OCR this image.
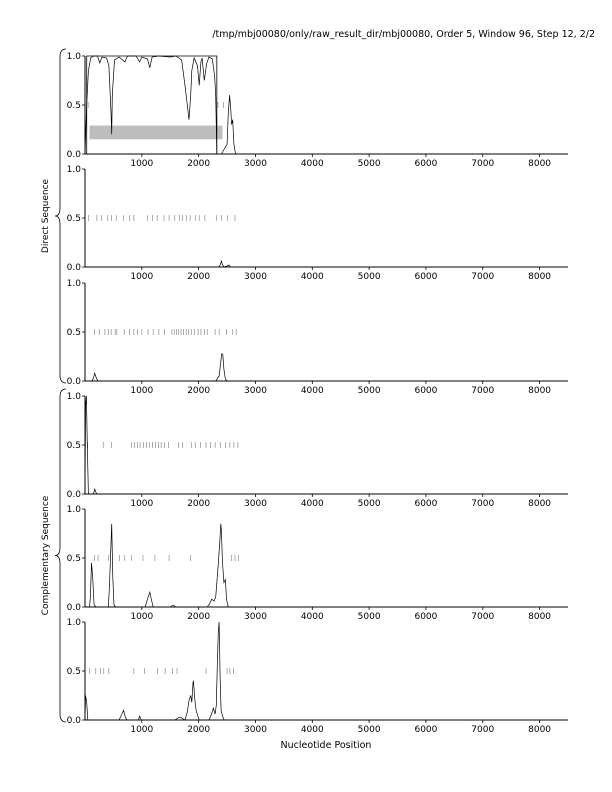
/tmp/mbj00080/only/raw_result_dir/mbj00080, Order 5, Window 96, Step 12, 2/2
0.0
0.5
1.0
1000	2000	3000	4000	5000	6000	7000	8000
0.0
0.5
1.0
1000	2000	3000	4000	5000	6000	7000	8000
0.0
0.5
1.0
1000	2000	3000	4000	5000	6000	7000	8000
0.0
0.5
1.0
1000	2000	3000	4000	5000	6000	7000	8000
0.0
0.5
1.0
1000	2000	3000	4000	5000	6000	7000	8000
0.0
0.5
1.0
1000	2000	3000	4000	5000	6000	7000	8000
Direct Sequence
Complementary Sequence
Nucleotide Position
